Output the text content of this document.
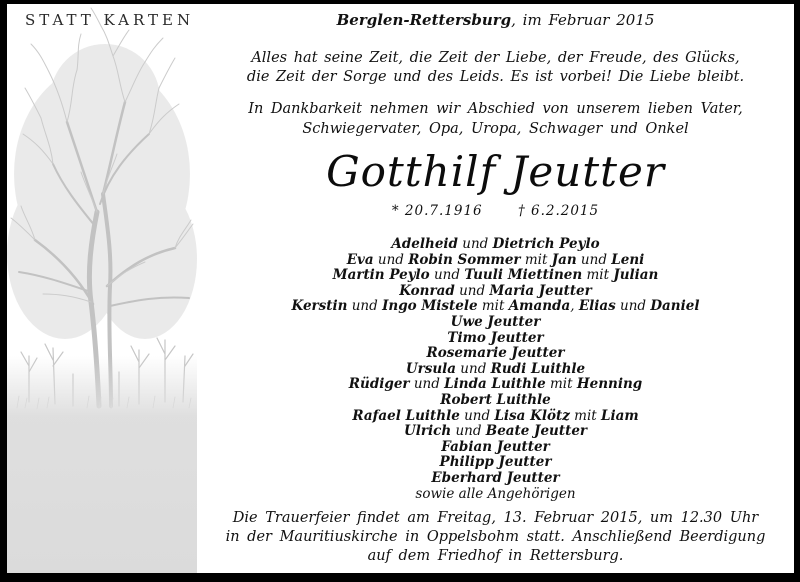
STATT KARTEN	Berglen-Rettersburg, im Februar 2015
Alles hat seine Zeit, die Zeit der Liebe, der Freude, des Glücks,
die Zeit der Sorge und des Leids. Es ist vorbei! Die Liebe bleibt.
In Dankbarkeit nehmen wir Abschied von unserem lieben Vater,
Schwiegervater, Opa, Uropa, Schwager und Onkel
Gotthilf Jeutter
* 20.7.1916	† 6.2.2015
Adelheid und Dietrich Peylo
Eva und Robin Sommer mit Jan und Leni
Martin Peylo und Tuuli Miettinen mit Julian
Konrad und Maria Jeutter
Kerstin und Ingo Mistele mit Amanda, Elias und Daniel
Uwe Jeutter
Timo Jeutter
Rosemarie Jeutter
Ursula und Rudi Luithle
Rüdiger und Linda Luithle mit Henning
Robert Luithle
Rafael Luithle und Lisa Klötz mit Liam
Ulrich und Beate Jeutter
Fabian Jeutter
Philipp Jeutter
Eberhard Jeutter
sowie alle Angehörigen
Die Trauerfeier findet am Freitag, 13. Februar 2015, um 12.30 Uhr
in der Mauritiuskirche in Oppelsbohm statt. Anschließend Beerdigung
auf dem Friedhof in Rettersburg.
